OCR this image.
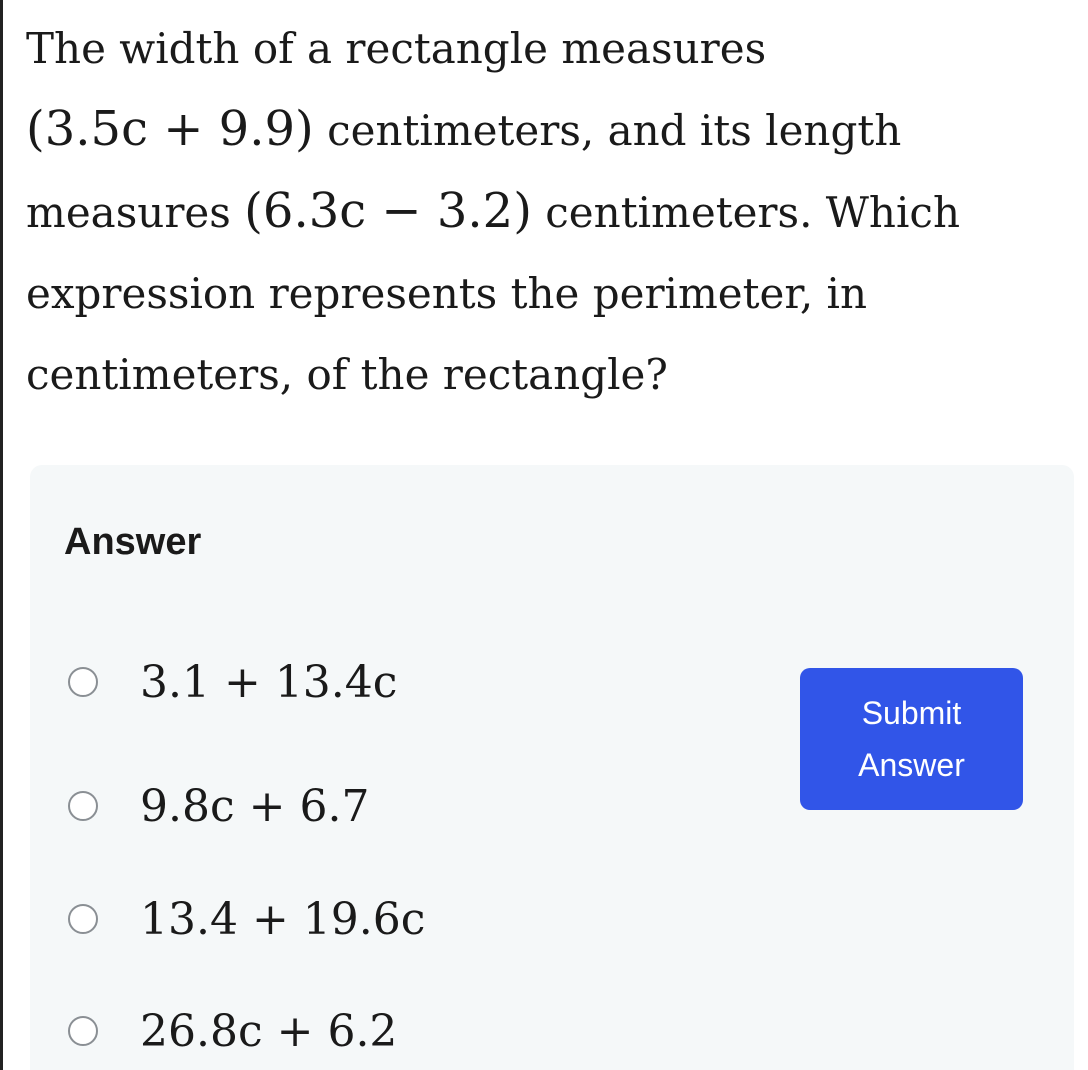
The width of a rectangle measures
(3.5c + 9.9) centimeters, and its length measures (6.3c − 3.2) centimeters. Which expression represents the perimeter, in centimeters, of the rectangle?

Answer
3.1 + 13.4c
9.8c + 6.7
13.4 + 19.6c
26.8c + 6.2
Submit
Answer
